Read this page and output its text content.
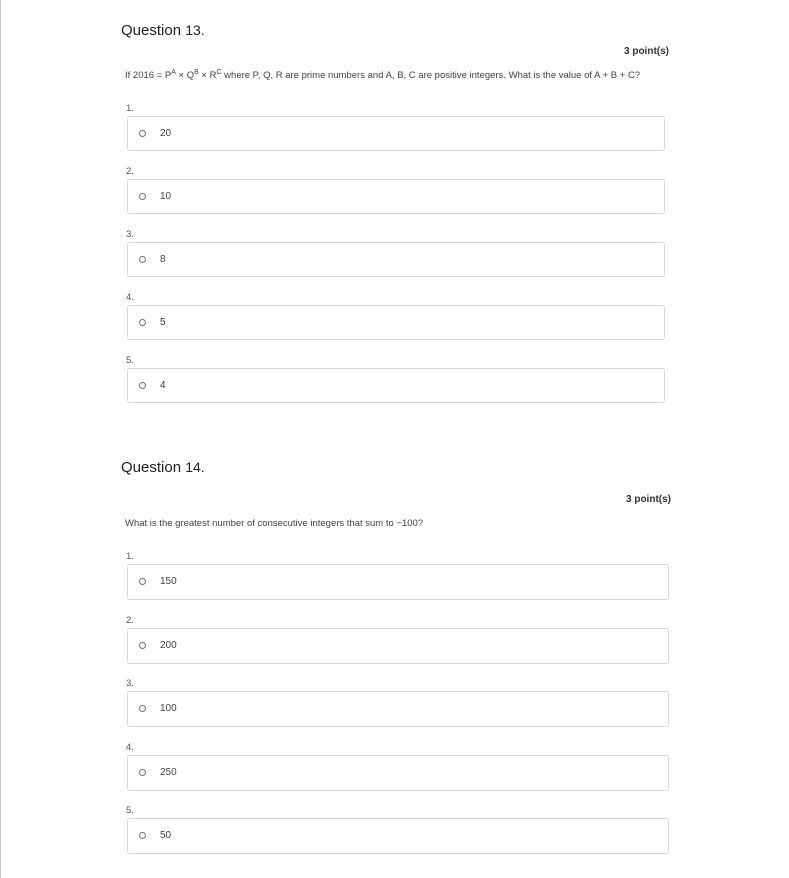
Question 13.
3 point(s)
If $2016 = P^A \times Q^B \times R^C$ where P, Q, R are prime numbers and A, B, C are positive integers. What is the value of A + B + C?
1.
20
2.
10
3.
8
4.
5
5.
4
Question 14.
3 point(s)
What is the greatest number of consecutive integers that sum to −100?
1.
150
2.
200
3.
100
4.
250
5.
50
